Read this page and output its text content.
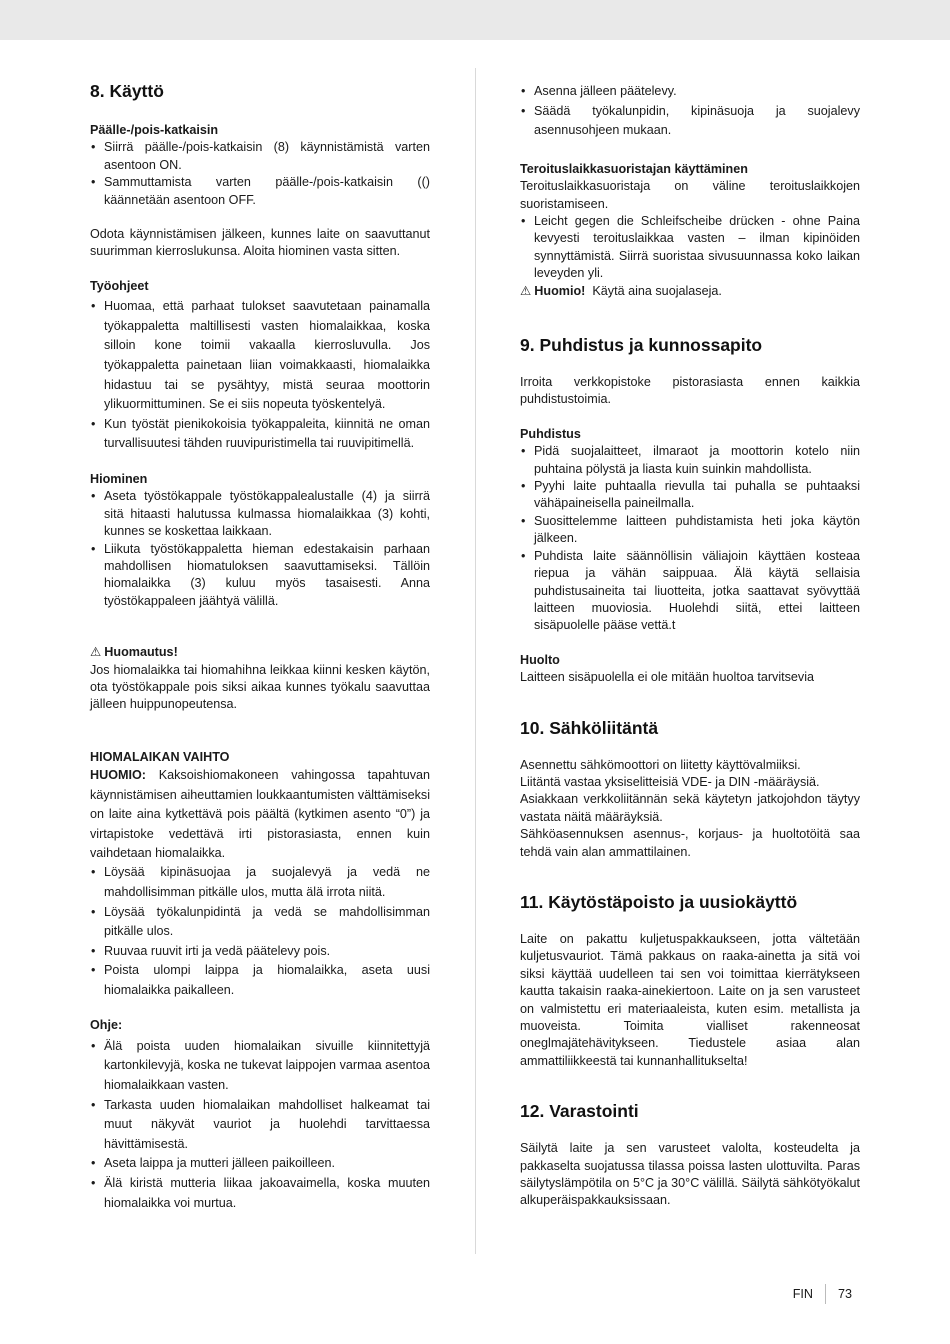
8. Käyttö
Päälle-/pois-katkaisin
• Siirrä päälle-/pois-katkaisin (8) käynnistämistä varten asentoon ON.
• Sammuttamista varten päälle-/pois-katkaisin (() käännetään asentoon OFF.

Odota käynnistämisen jälkeen, kunnes laite on saavuttanut suurimman kierroslukunsa. Aloita hiominen vasta sitten.

Työohjeet
• Huomaa, että parhaat tulokset saavutetaan painamalla työkappaletta maltillisesti vasten hiomalaikkaa, koska silloin kone toimii vakaalla kierrosluvulla. Jos työkappaletta painetaan liian voimakkaasti, hiomalaikka hidastuu tai se pysähtyy, mistä seuraa moottorin ylikuormittuminen. Se ei siis nopeuta työskentelyä.
• Kun työstät pienikokoisia työkappaleita, kiinnitä ne oman turvallisuutesi tähden ruuvipuristimella tai ruuvipitimellä.
Hiominen
• Aseta työstökappale työstökappalealustalle (4) ja siirrä sitä hitaasti halutussa kulmassa hiomalaikkaa (3) kohti, kunnes se koskettaa laikkaan.
• Liikuta työstökappaletta hieman edestakaisin parhaan mahdollisen hiomatuloksen saavuttamiseksi. Tällöin hiomalaikka (3) kuluu myös tasaisesti. Anna työstökappaleen jäähtyä välillä.
⚠ Huomautus!

Jos hiomalaikka tai hiomahihna leikkaa kiinni kesken käytön, ota työstökappale pois siksi aikaa kunnes työkalu saavuttaa jälleen huippunopeutensa.

HIOMALAIKAN VAIHTO

HUOMIO: Kaksoishiomakoneen vahingossa tapahtuvan käynnistämisen aiheuttamien loukkaantumisten välttämiseksi on laite aina kytkettävä pois päältä (kytkimen asento “0”) ja virtapistoke vedettävä irti pistorasiasta, ennen kuin vaihdetaan hiomalaikka.

• Löysää kipinäsuojaa ja suojalevyä ja vedä ne mahdollisimman pitkälle ulos, mutta älä irrota niitä.
• Löysää työkalunpidintä ja vedä se mahdollisimman pitkälle ulos.
• Ruuvaa ruuvit irti ja vedä päätelevy pois.
• Poista ulompi laippa ja hiomalaikka, aseta uusi hiomalaikka paikalleen.
Ohje:
• Älä poista uuden hiomalaikan sivuille kiinnitettyjä kartonkilevyjä, koska ne tukevat laippojen varmaa asentoa hiomalaikkaan vasten.
• Tarkasta uuden hiomalaikan mahdolliset halkeamat tai muut näkyvät vauriot ja huolehdi tarvittaessa hävittämisestä.
• Aseta laippa ja mutteri jälleen paikoilleen.
• Älä kiristä mutteria liikaa jakoavaimella, koska muuten hiomalaikka voi murtua.
• Asenna jälleen päätelevy.
• Säädä työkalunpidin, kipinäsuoja ja suojalevy asennusohjeen mukaan.
Teroituslaikkasuoristajan käyttäminen

Teroituslaikkasuoristaja on väline teroituslaikkojen suoristamiseen.

• Leicht gegen die Schleifscheibe drücken - ohne Paina kevyesti teroituslaikkaa vasten – ilman kipinöiden synnyttämistä. Siirrä suoristaa sivusuunnassa koko laikan leveyden yli.
⚠ Huomio! Käytä aina suojalaseja.
9. Puhdistus ja kunnossapito

Irroita verkkopistoke pistorasiasta ennen kaikkia puhdistustoimia.

Puhdistus
• Pidä suojalaitteet, ilmaraot ja moottorin kotelo niin puhtaina pölystä ja liasta kuin suinkin mahdollista.
• Pyyhi laite puhtaalla rievulla tai puhalla se puhtaaksi vähäpaineisella paineilmalla.
• Suosittelemme laitteen puhdistamista heti joka käytön jälkeen.
• Puhdista laite säännöllisin väliajoin käyttäen kosteaa riepua ja vähän saippuaa. Älä käytä sellaisia puhdistusaineita tai liuotteita, jotka saattavat syövyttää laitteen muoviosia. Huolehdi siitä, ettei laitteen sisäpuolelle pääse vettä.t
Huolto

Laitteen sisäpuolella ei ole mitään huoltoa tarvitsevia

10. Sähköliitäntä

Asennettu sähkömoottori on liitetty käyttövalmiiksi.

Liitäntä vastaa yksiselitteisiä VDE- ja DIN -määräysiä.

Asiakkaan verkkoliitännän sekä käytetyn jatkojohdon täytyy vastata näitä määräyksiä.

Sähköasennuksen asennus-, korjaus- ja huoltotöitä saa tehdä vain alan ammattilainen.

11. Käytöstäpoisto ja uusiokäyttö

Laite on pakattu kuljetuspakkaukseen, jotta vältetään kuljetusvauriot. Tämä pakkaus on raaka-ainetta ja sitä voi siksi käyttää uudelleen tai sen voi toimittaa kierrätykseen kautta takaisin raaka-ainekiertoon. Laite on ja sen varusteet on valmistettu eri materiaaleista, kuten esim. metallista ja muoveista. Toimita vialliset rakenneosat oneglmajätehävitykseen. Tiedustele asiaa alan ammattiliikkeestä tai kunnanhallitukselta!

12. Varastointi

Säilytä laite ja sen varusteet valolta, kosteudelta ja pakkaselta suojatussa tilassa poissa lasten ulottuvilta. Paras säilytyslämpötila on 5°C ja 30°C välillä. Säilytä sähkötyökalut alkuperäispakkauksissaan.

FIN	73
